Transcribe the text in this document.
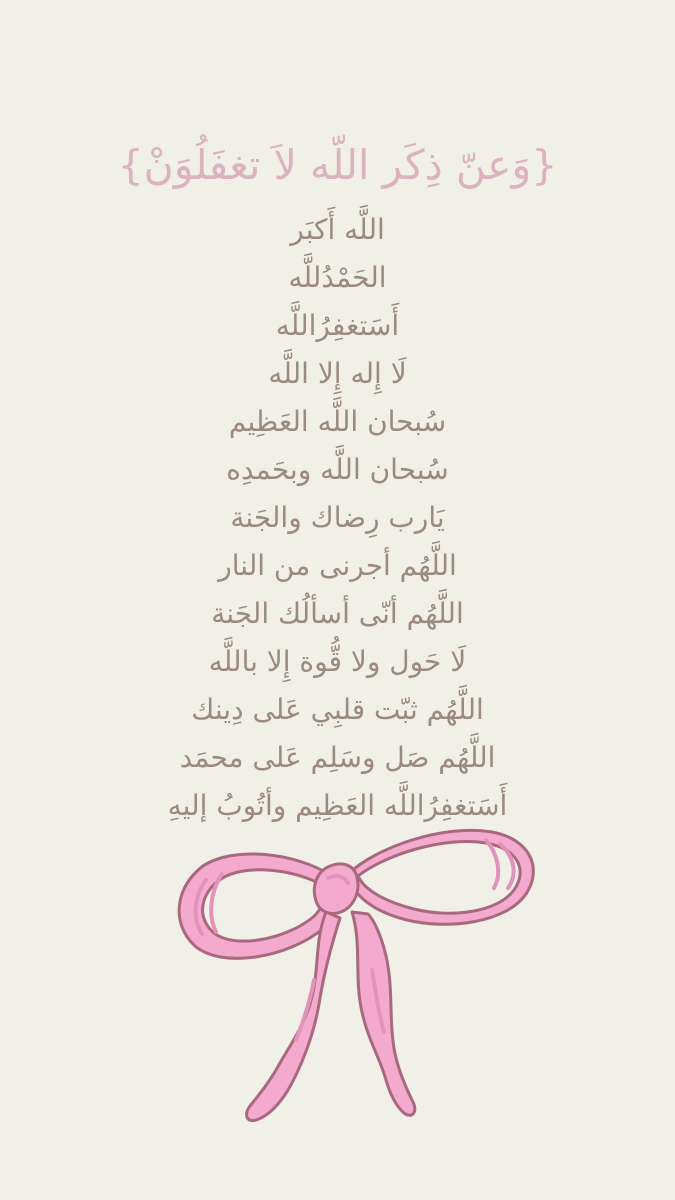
{وَعنّ ذِكَر اللّه لاَ تغفَلُوَنْ}
اللَّه أَكبَر
الحَمْدُللَّه
أَسَتغفِرُاللَّه
لَا إِله إِلا اللَّه
سُبحان اللَّه العَظِيم
سُبحان اللَّه وبحَمدِه
يَارب رِضاك والجَنة
اللَّهُم أجرنى من النار
اللَّهُم أنّى أسألُك الجَنة
لَا حَول ولا قُّوة إِلا باللَّه
اللَّهُم ثبّت قلبِي عَلى دِينك
اللَّهُم صَل وسَلِم عَلى محمَد
أَسَتغفِرُاللَّه العَظِيم وأتُوبُ إليهِ
